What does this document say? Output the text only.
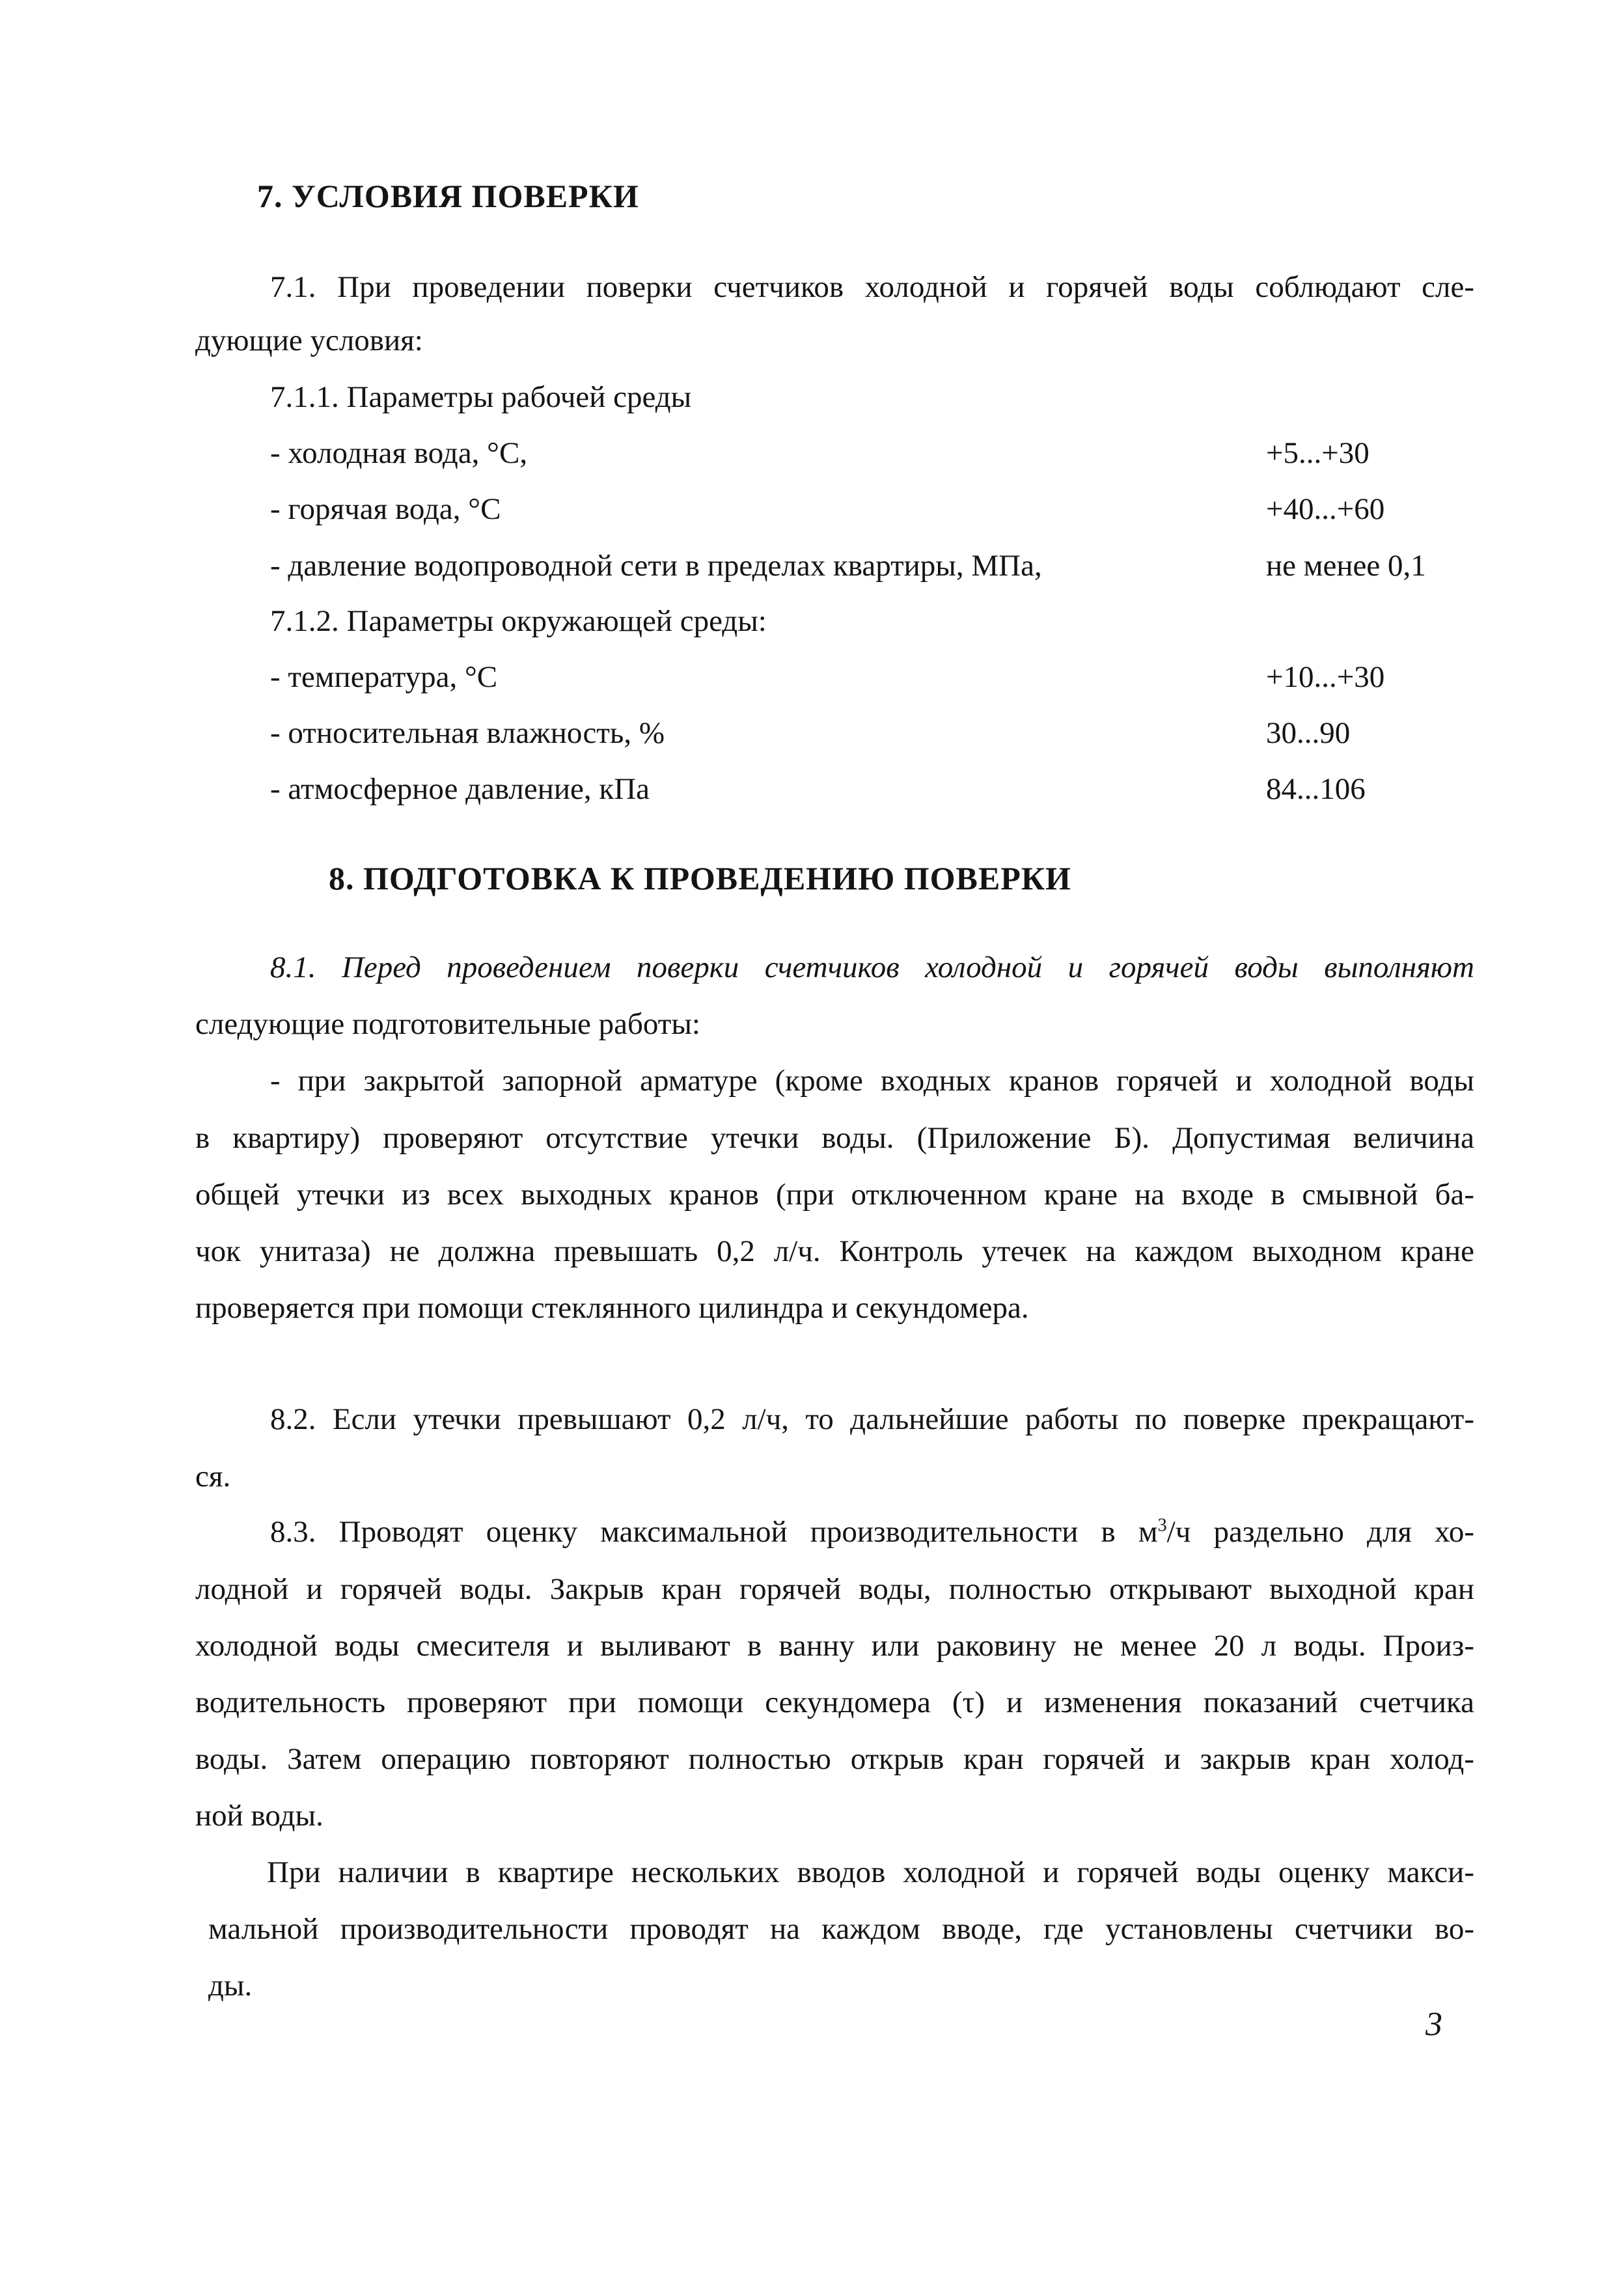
7. УСЛОВИЯ ПОВЕРКИ
7.1. При проведении поверки счетчиков холодной и горячей воды соблюдают сле-
дующие условия:
7.1.1. Параметры рабочей среды
- холодная вода, °С,	+5...+30
- горячая вода, °С	+40...+60
- давление водопроводной сети в пределах квартиры, МПа,	не менее 0,1
7.1.2. Параметры окружающей среды:
- температура, °С	+10...+30
- относительная влажность, %	30...90
- атмосферное давление, кПа	84...106
8. ПОДГОТОВКА К ПРОВЕДЕНИЮ ПОВЕРКИ
8.1. Перед проведением поверки счетчиков холодной и горячей воды выполняют
следующие подготовительные работы:
- при закрытой запорной арматуре (кроме входных кранов горячей и холодной воды
в квартиру) проверяют отсутствие утечки воды. (Приложение Б). Допустимая величина
общей утечки из всех выходных кранов (при отключенном кране на входе в смывной ба-
чок унитаза) не должна превышать 0,2 л/ч. Контроль утечек на каждом выходном кране
проверяется при помощи стеклянного цилиндра и секундомера.
8.2. Если утечки превышают 0,2 л/ч, то дальнейшие работы по поверке прекращают-
ся.
8.3. Проводят оценку максимальной производительности в $м^3/ч$ раздельно для хо-
лодной и горячей воды. Закрыв кран горячей воды, полностью открывают выходной кран
холодной воды смесителя и выливают в ванну или раковину не менее 20 л воды. Произ-
водительность проверяют при помощи секундомера (τ) и изменения показаний счетчика
воды. Затем операцию повторяют полностью открыв кран горячей и закрыв кран холод-
ной воды.
При наличии в квартире нескольких вводов холодной и горячей воды оценку макси-
мальной производительности проводят на каждом вводе, где установлены счетчики во-
ды.
3
